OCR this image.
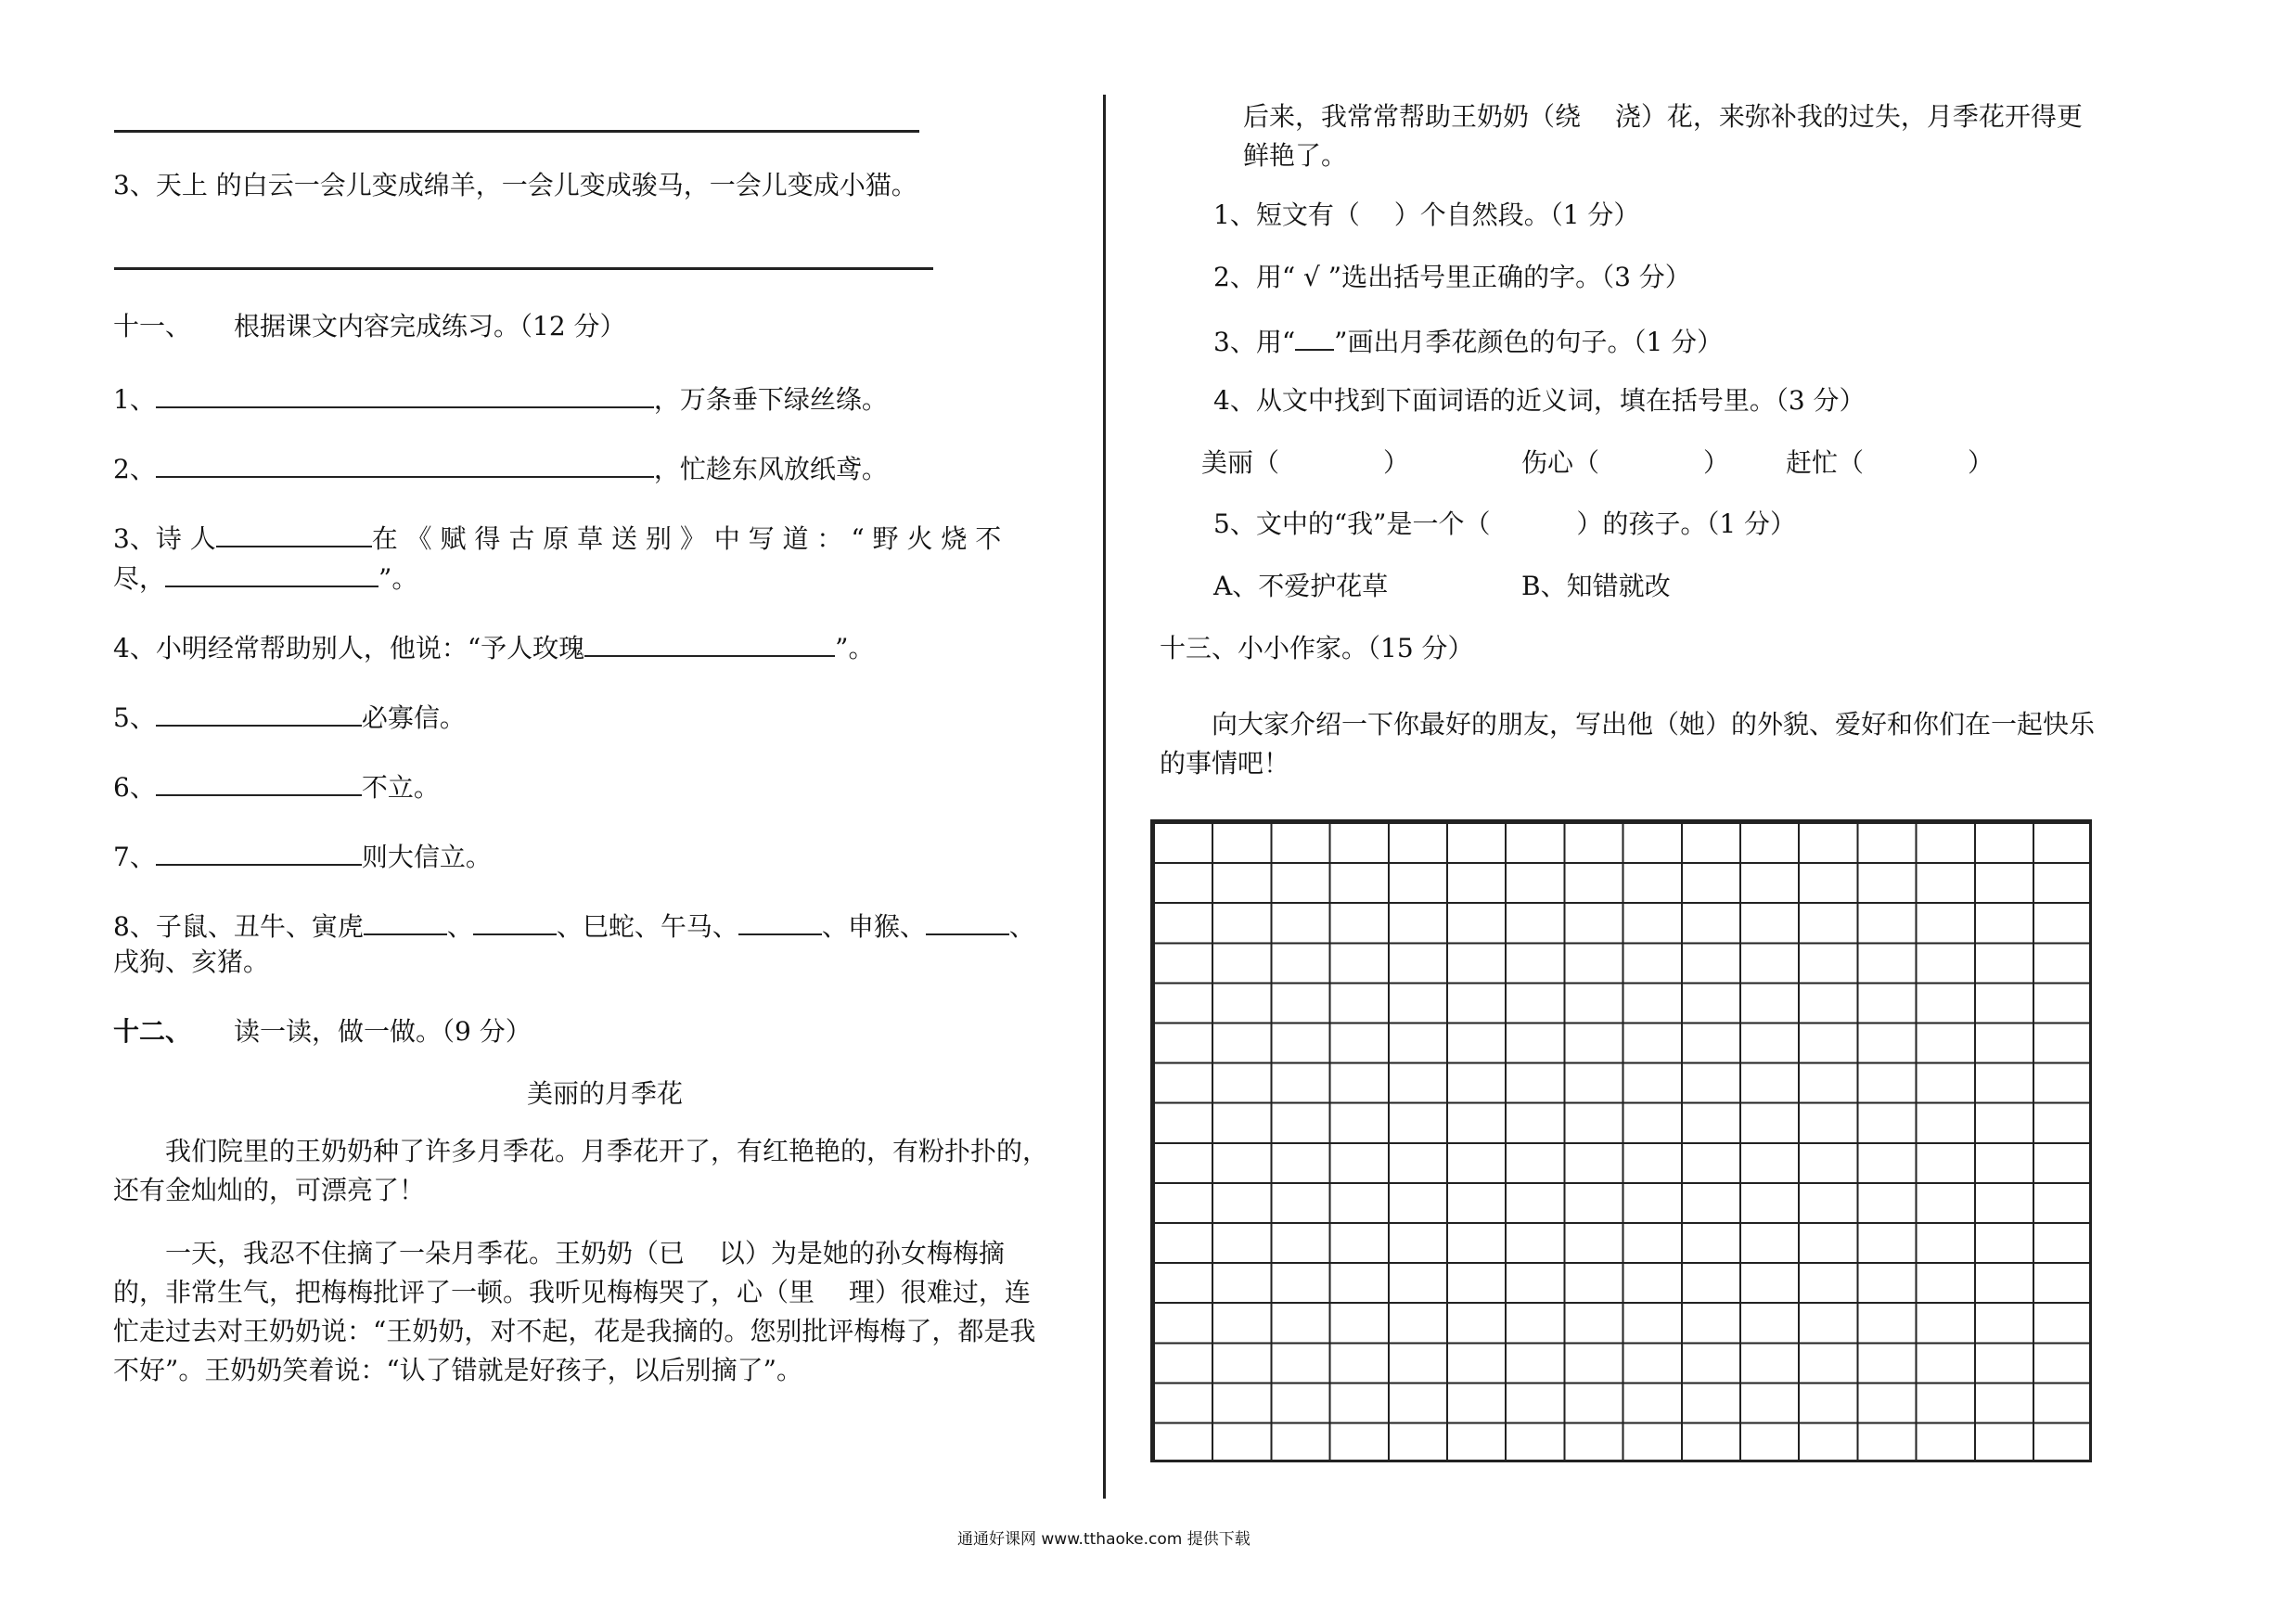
3、天上 的白云一会儿变成绵羊，一会儿变成骏马，一会儿变成小猫。
十一、 根据课文内容完成练习。（12 分）
1、	，万条垂下绿丝绦。
2、	，忙趁东风放纸鸢。
3、诗 人	在 《 赋 得 古 原 草 送 别 》 中 写 道 ： “ 野 火 烧 不
尽，	”。
4、小明经常帮助别人，他说：“予人玫瑰	”。
5、	必寡信。
6、	不立。
7、	则大信立。
8、子鼠、丑牛、寅虎	、	、巳蛇、午马、	、申猴、	、
戌狗、亥猪。
十二、 读一读，做一做。（9 分）
美丽的月季花
我们院里的王奶奶种了许多月季花。月季花开了，有红艳艳的，有粉扑扑的，还有金灿灿的，可漂亮了！
一天，我忍不住摘了一朵月季花。王奶奶（已　 以）为是她的孙女梅梅摘的，非常生气，把梅梅批评了一顿。我听见梅梅哭了，心（里　 理）很难过，连忙走过去对王奶奶说：“王奶奶，对不起，花是我摘的。您别批评梅梅了，都是我不好”。王奶奶笑着说：“认了错就是好孩子，以后别摘了”。
后来，我常常帮助王奶奶（绕　 浇）花，来弥补我的过失，月季花开得更鲜艳了。
1、短文有（　 ）个自然段。（1 分）
2、用“ √ ”选出括号里正确的字。（3 分）
3、用“ ”画出月季花颜色的句子。（1 分）
4、从文中找到下面词语的近义词，填在括号里。（3 分）
美丽（　　　　）	伤心（　　　　） 赶忙（　　　　）
5、文中的“我”是一个（　　　 ）的孩子。（1 分）
A、不爱护花草	B、知错就改
十三、小小作家。（15 分）
向大家介绍一下你最好的朋友，写出他（她）的外貌、爱好和你们在一起快乐的事情吧！
通通好课网 www.tthaoke.com 提供下载
